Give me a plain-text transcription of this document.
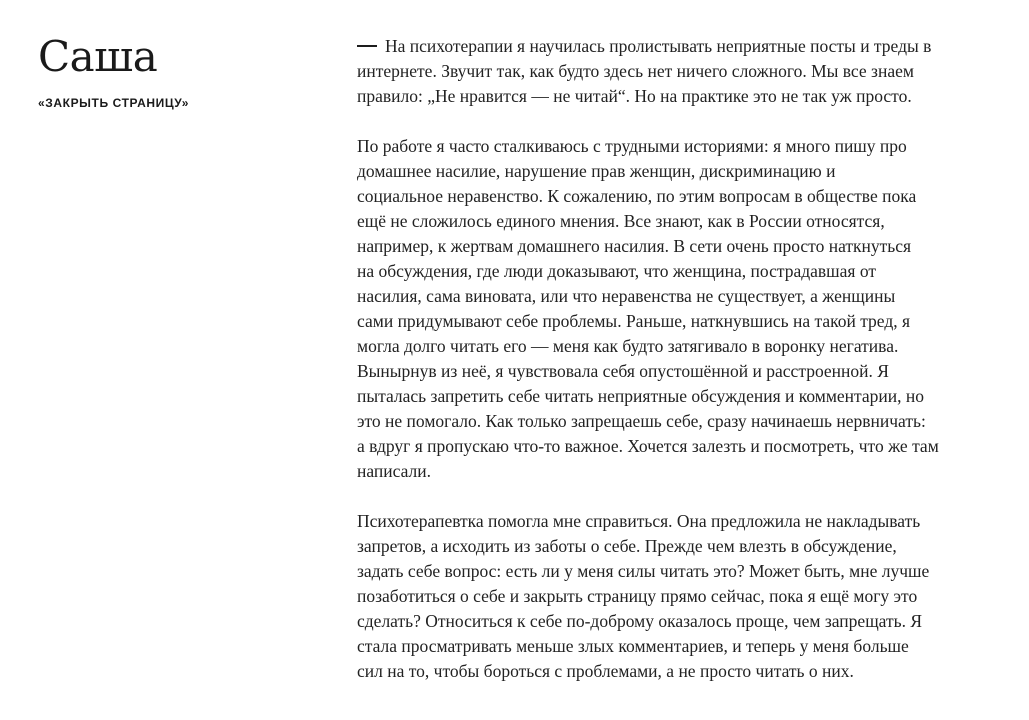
Саша
«ЗАКРЫТЬ СТРАНИЦУ»

На психотерапии я научилась пролистывать неприятные посты и треды в
интернете. Звучит так, как будто здесь нет ничего сложного. Мы все знаем
правило: „Не нравится — не читай“. Но на практике это не так уж просто.

По работе я часто сталкиваюсь с трудными историями: я много пишу про
домашнее насилие, нарушение прав женщин, дискриминацию и
социальное неравенство. К сожалению, по этим вопросам в обществе пока
ещё не сложилось единого мнения. Все знают, как в России относятся,
например, к жертвам домашнего насилия. В сети очень просто наткнуться
на обсуждения, где люди доказывают, что женщина, пострадавшая от
насилия, сама виновата, или что неравенства не существует, а женщины
сами придумывают себе проблемы. Раньше, наткнувшись на такой тред, я
могла долго читать его — меня как будто затягивало в воронку негатива.
Вынырнув из неё, я чувствовала себя опустошённой и расстроенной. Я
пыталась запретить себе читать неприятные обсуждения и комментарии, но
это не помогало. Как только запрещаешь себе, сразу начинаешь нервничать:
а вдруг я пропускаю что-то важное. Хочется залезть и посмотреть, что же там
написали.

Психотерапевтка помогла мне справиться. Она предложила не накладывать
запретов, а исходить из заботы о себе. Прежде чем влезть в обсуждение,
задать себе вопрос: есть ли у меня силы читать это? Может быть, мне лучше
позаботиться о себе и закрыть страницу прямо сейчас, пока я ещё могу это
сделать? Относиться к себе по-доброму оказалось проще, чем запрещать. Я
стала просматривать меньше злых комментариев, и теперь у меня больше
сил на то, чтобы бороться с проблемами, а не просто читать о них.
